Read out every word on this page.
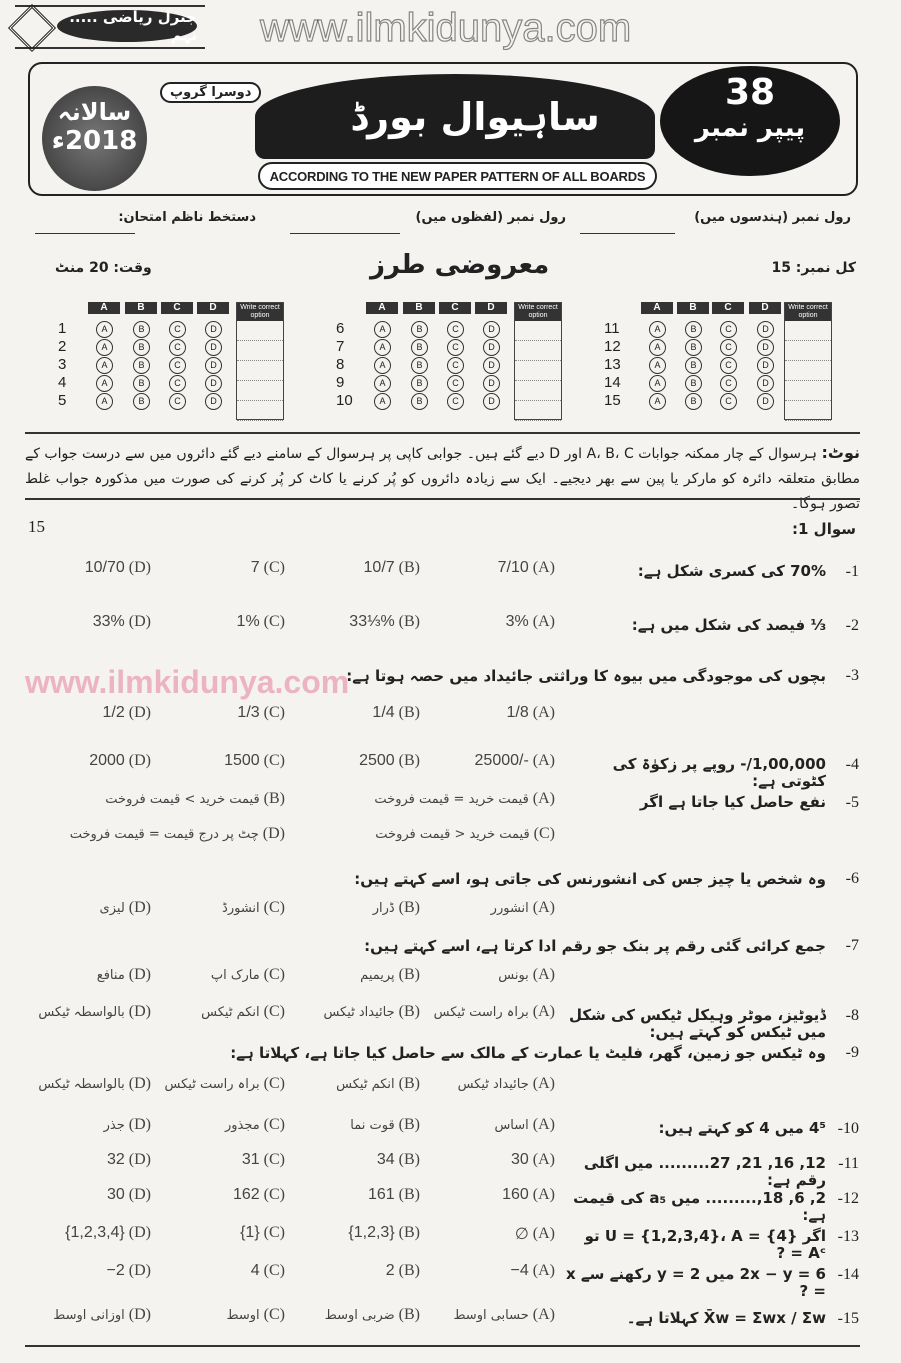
www.ilmkidunya.com
www.ilmkidunya.com
جنرل ریاضی ..... نہم
سالانہ
2018ء
ساہیوال بورڈ
دوسرا گروپ
ACCORDING TO THE NEW PAPER PATTERN OF ALL BOARDS
38
پیپر نمبر
رول نمبر (ہندسوں میں)
رول نمبر (لفظوں میں)
دستخط ناظم امتحان:
کل نمبر: 15
معروضی طرز
وقت: 20 منٹ
A	B	C	D	Write correct option
1	A	B	C	D
2	A	B	C	D
3	A	B	C	D
4	A	B	C	D
5	A	B	C	D
A	B	C	D	Write correct option
6	A	B	C	D
7	A	B	C	D
8	A	B	C	D
9	A	B	C	D
10	A	B	C	D
A	B	C	D	Write correct option
11	A	B	C	D
12	A	B	C	D
13	A	B	C	D
14	A	B	C	D
15	A	B	C	D
نوٹ: ہرسوال کے چار ممکنہ جوابات A، B، C اور D دیے گئے ہیں۔ جوابی کاپی پر ہرسوال کے سامنے دیے گئے دائروں میں سے درست جواب کے مطابق متعلقہ دائرہ کو مارکر یا پین سے بھر دیجیے۔ ایک سے زیادہ دائروں کو پُر کرنے یا کاٹ کر پُر کرنے کی صورت میں مذکورہ جواب غلط تصور ہوگا۔
سوال 1:
15
-1
70% کی کسری شکل ہے:
7/10 (A)
10/7 (B)
7 (C)
10/70 (D)
-2
⅓ فیصد کی شکل میں ہے:
3% (A)
33⅓% (B)
1% (C)
33% (D)
-3
بچوں کی موجودگی میں بیوہ کا وراثتی جائیداد میں حصہ ہوتا ہے:
1/8 (A)
1/4 (B)
1/3 (C)
1/2 (D)
-4
1,00,000/- روپے پر زکوٰۃ کی کٹوتی ہے:
25000/- (A)
2500 (B)
1500 (C)
2000 (D)
-5
نفع حاصل کیا جاتا ہے اگر
قیمت خرید = قیمت فروخت (A)
قیمت خرید > قیمت فروخت (B)
قیمت خرید < قیمت فروخت (C)
چٹ پر درج قیمت = قیمت فروخت (D)
-6
وہ شخص یا چیز جس کی انشورنس کی جاتی ہو، اسے کہتے ہیں:
انشورر (A)
ڈرار (B)
انشورڈ (C)
لیزی (D)
-7
جمع کرائی گئی رقم پر بنک جو رقم ادا کرتا ہے، اسے کہتے ہیں:
بونس (A)
پریمیم (B)
مارک اپ (C)
منافع (D)
-8
ڈیوٹیز، موٹر وہیکل ٹیکس کی شکل میں ٹیکس کو کہتے ہیں:
براہ راست ٹیکس (A)
جائیداد ٹیکس (B)
انکم ٹیکس (C)
بالواسطہ ٹیکس (D)
-9
وہ ٹیکس جو زمین، گھر، فلیٹ یا عمارت کے مالک سے حاصل کیا جاتا ہے، کہلاتا ہے:
جائیداد ٹیکس (A)
انکم ٹیکس (B)
براہ راست ٹیکس (C)
بالواسطہ ٹیکس (D)
-10
4⁵ میں 4 کو کہتے ہیں:
اساس (A)
قوت نما (B)
مجذور (C)
جذر (D)
-11
12, 16, 21, 27......... میں اگلی رقم ہے:
30 (A)
34 (B)
31 (C)
32 (D)
-12
2, 6, 18,......... میں a₅ کی قیمت ہے:
160 (A)
161 (B)
162 (C)
30 (D)
-13
اگر U = {1,2,3,4}، A = {4} تو Aᶜ = ?
∅ (A)
{1,2,3} (B)
{1} (C)
{1,2,3,4} (D)
-14
2x − y = 6 میں y = 2 رکھنے سے x = ?
−4 (A)
2 (B)
4 (C)
−2 (D)
-15
X̄w = Σwx / Σw کہلاتا ہے۔
حسابی اوسط (A)
ضربی اوسط (B)
اوسط (C)
اوزانی اوسط (D)
